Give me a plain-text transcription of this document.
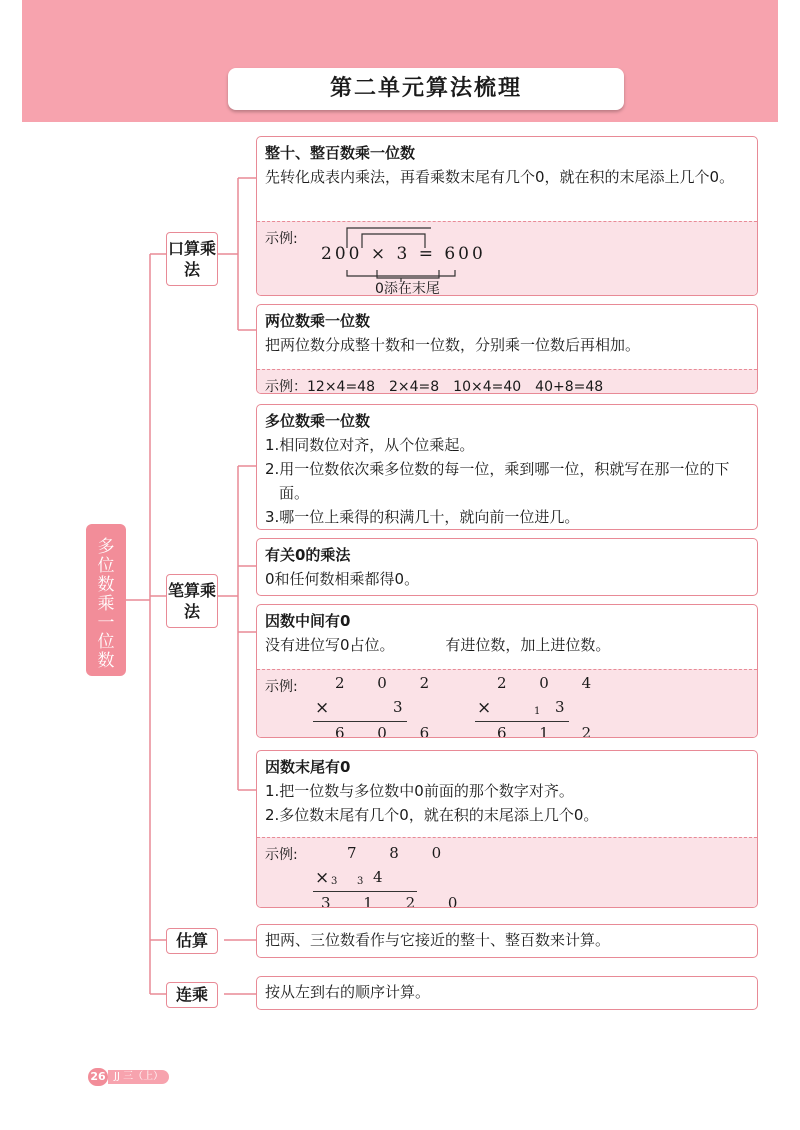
第二单元算法梳理
多位数乘一位数
口算乘法
笔算乘法
估算
连乘
整十、整百数乘一位数
先转化成表内乘法，再看乘数末尾有几个0，就在积的末尾添上几个0。
示例:
200 × 3 = 600
0添在末尾
两位数乘一位数
把两位数分成整十数和一位数，分别乘一位数后再相加。
示例：12×4=48　2×4=8　10×4=40　40+8=48
多位数乘一位数
1.相同数位对齐，从个位乘起。
2.用一位数依次乘多位数的每一位，乘到哪一位，积就写在那一位的下面。
3.哪一位上乘得的积满几十，就向前一位进几。
有关0的乘法
0和任何数相乘都得0。
因数中间有0
没有进位写0占位。	有进位数，加上进位数。
示例: 2 0 2
×	3
6 0 6
2 0 4
×	1 3
6 1 2
因数末尾有0
1.把一位数与多位数中0前面的那个数字对齐。
2.多位数末尾有几个0，就在积的末尾添上几个0。
示例:	7 8 0
× 3 3 4
3 1 2 0
把两、三位数看作与它接近的整十、整百数来计算。
按从左到右的顺序计算。
26 JJ 三（上）
